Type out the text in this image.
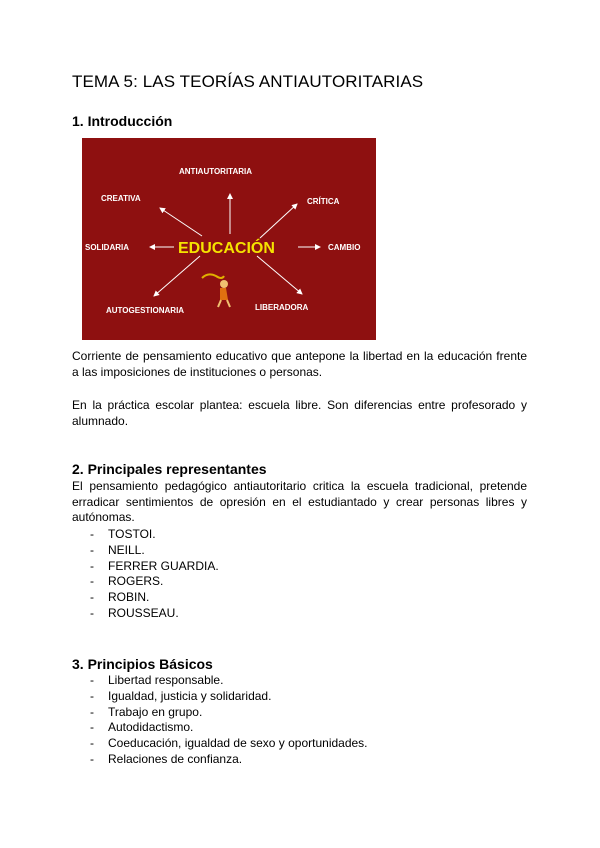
TEMA 5: LAS TEORÍAS ANTIAUTORITARIAS
1. Introducción
ANTIAUTORITARIA
CRÍTICA
CAMBIO
LIBERADORA
AUTOGESTIONARIA
SOLIDARIA
CREATIVA
EDUCACIÓN
Corriente de pensamiento educativo que antepone la libertad en la educación frente a las imposiciones de instituciones o personas.
En la práctica escolar plantea: escuela libre. Son diferencias entre profesorado y alumnado.
2. Principales representantes
El pensamiento pedagógico antiautoritario critica la escuela tradicional, pretende erradicar sentimientos de opresión en el estudiantado y crear personas libres y autónomas.
- TOSTOI.
- NEILL.
- FERRER GUARDIA.
- ROGERS.
- ROBIN.
- ROUSSEAU.
3. Principios Básicos
- Libertad responsable.
- Igualdad, justicia y solidaridad.
- Trabajo en grupo.
- Autodidactismo.
- Coeducación, igualdad de sexo y oportunidades.
- Relaciones de confianza.
